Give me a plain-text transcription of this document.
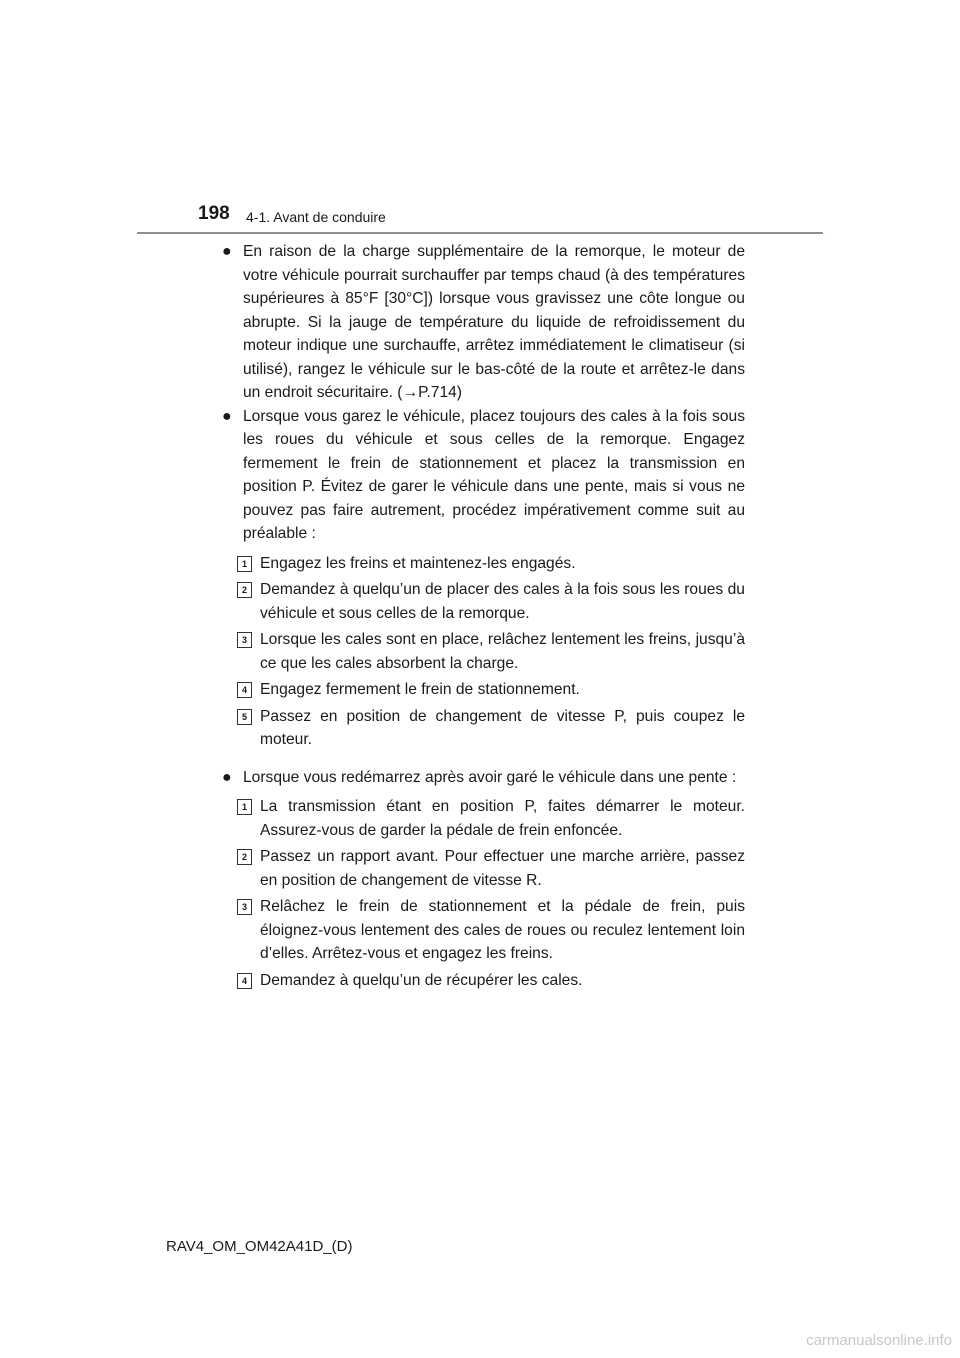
198 4-1. Avant de conduire
● En raison de la charge supplémentaire de la remorque, le moteur de votre véhicule pourrait surchauffer par temps chaud (à des températures supérieures à 85°F [30°C]) lorsque vous gravissez une côte longue ou abrupte. Si la jauge de température du liquide de refroidissement du moteur indique une surchauffe, arrêtez immédiatement le climatiseur (si utilisé), rangez le véhicule sur le bas-côté de la route et arrêtez-le dans un endroit sécuritaire. (→P.714)
● Lorsque vous garez le véhicule, placez toujours des cales à la fois sous les roues du véhicule et sous celles de la remorque. Engagez fermement le frein de stationnement et placez la transmission en position P. Évitez de garer le véhicule dans une pente, mais si vous ne pouvez pas faire autrement, procédez impérativement comme suit au préalable :
1 Engagez les freins et maintenez-les engagés.
2 Demandez à quelqu’un de placer des cales à la fois sous les roues du véhicule et sous celles de la remorque.
3 Lorsque les cales sont en place, relâchez lentement les freins, jusqu’à ce que les cales absorbent la charge.
4 Engagez fermement le frein de stationnement.
5 Passez en position de changement de vitesse P, puis coupez le moteur.
● Lorsque vous redémarrez après avoir garé le véhicule dans une pente :
1 La transmission étant en position P, faites démarrer le moteur. Assurez-vous de garder la pédale de frein enfoncée.
2 Passez un rapport avant. Pour effectuer une marche arrière, passez en position de changement de vitesse R.
3 Relâchez le frein de stationnement et la pédale de frein, puis éloignez-vous lentement des cales de roues ou reculez lentement loin d’elles. Arrêtez-vous et engagez les freins.
4 Demandez à quelqu’un de récupérer les cales.
RAV4_OM_OM42A41D_(D)
carmanualsonline.info
